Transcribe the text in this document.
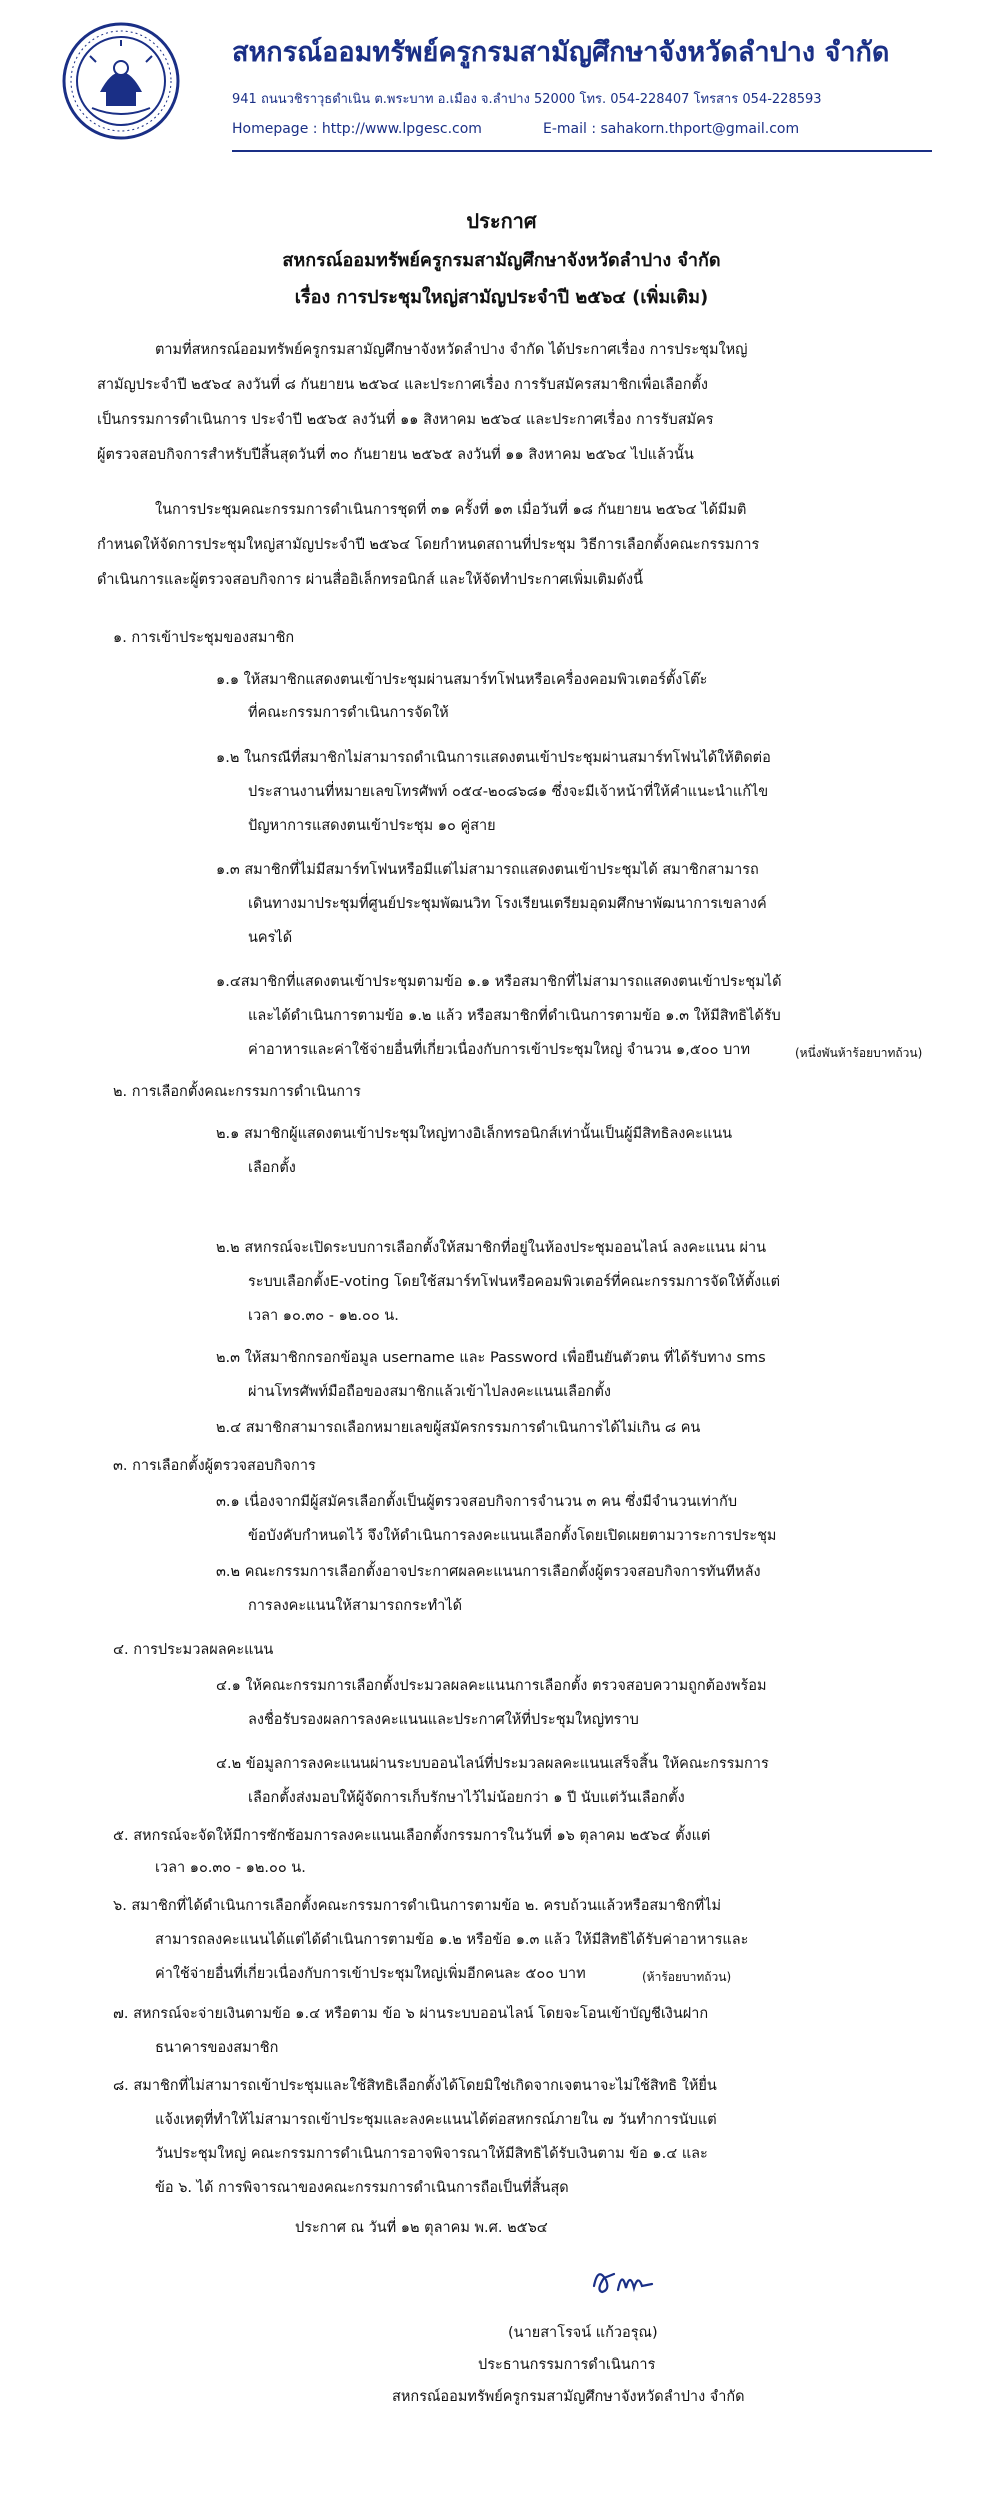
สหกรณ์ออมทรัพย์ครูกรมสามัญศึกษาจังหวัดลำปาง จำกัด
941 ถนนวชิราวุธดำเนิน ต.พระบาท อ.เมือง จ.ลำปาง 52000 โทร. 054-228407 โทรสาร 054-228593
Homepage : http://www.lpgesc.com	E-mail : sahakorn.thport@gmail.com
ประกาศ
สหกรณ์ออมทรัพย์ครูกรมสามัญศึกษาจังหวัดลำปาง จำกัด
เรื่อง การประชุมใหญ่สามัญประจำปี ๒๕๖๔ (เพิ่มเติม)
ตามที่สหกรณ์ออมทรัพย์ครูกรมสามัญศึกษาจังหวัดลำปาง จำกัด ได้ประกาศเรื่อง การประชุมใหญ่
สามัญประจำปี ๒๕๖๔ ลงวันที่ ๘ กันยายน ๒๕๖๔ และประกาศเรื่อง การรับสมัครสมาชิกเพื่อเลือกตั้ง
เป็นกรรมการดำเนินการ ประจำปี ๒๕๖๕ ลงวันที่ ๑๑ สิงหาคม ๒๕๖๔ และประกาศเรื่อง การรับสมัคร
ผู้ตรวจสอบกิจการสำหรับปีสิ้นสุดวันที่ ๓๐ กันยายน ๒๕๖๕ ลงวันที่ ๑๑ สิงหาคม ๒๕๖๔ ไปแล้วนั้น
ในการประชุมคณะกรรมการดำเนินการชุดที่ ๓๑ ครั้งที่ ๑๓ เมื่อวันที่ ๑๘ กันยายน ๒๕๖๔ ได้มีมติ
กำหนดให้จัดการประชุมใหญ่สามัญประจำปี ๒๕๖๔ โดยกำหนดสถานที่ประชุม วิธีการเลือกตั้งคณะกรรมการ
ดำเนินการและผู้ตรวจสอบกิจการ ผ่านสื่ออิเล็กทรอนิกส์ และให้จัดทำประกาศเพิ่มเติมดังนี้
๑. การเข้าประชุมของสมาชิก
๑.๑ ให้สมาชิกแสดงตนเข้าประชุมผ่านสมาร์ทโฟนหรือเครื่องคอมพิวเตอร์ตั้งโต๊ะ
ที่คณะกรรมการดำเนินการจัดให้
๑.๒ ในกรณีที่สมาชิกไม่สามารถดำเนินการแสดงตนเข้าประชุมผ่านสมาร์ทโฟนได้ให้ติดต่อ
ประสานงานที่หมายเลขโทรศัพท์ ๐๕๔-๒๐๘๖๘๑ ซึ่งจะมีเจ้าหน้าที่ให้คำแนะนำแก้ไข
ปัญหาการแสดงตนเข้าประชุม ๑๐ คู่สาย
๑.๓ สมาชิกที่ไม่มีสมาร์ทโฟนหรือมีแต่ไม่สามารถแสดงตนเข้าประชุมได้ สมาชิกสามารถ
เดินทางมาประชุมที่ศูนย์ประชุมพัฒนวิท โรงเรียนเตรียมอุดมศึกษาพัฒนาการเขลางค์
นครได้
๑.๔สมาชิกที่แสดงตนเข้าประชุมตามข้อ ๑.๑ หรือสมาชิกที่ไม่สามารถแสดงตนเข้าประชุมได้
และได้ดำเนินการตามข้อ ๑.๒ แล้ว หรือสมาชิกที่ดำเนินการตามข้อ ๑.๓ ให้มีสิทธิได้รับ
ค่าอาหารและค่าใช้จ่ายอื่นที่เกี่ยวเนื่องกับการเข้าประชุมใหญ่ จำนวน ๑,๕๐๐ บาท
๒. การเลือกตั้งคณะกรรมการดำเนินการ
๒.๑ สมาชิกผู้แสดงตนเข้าประชุมใหญ่ทางอิเล็กทรอนิกส์เท่านั้นเป็นผู้มีสิทธิลงคะแนน
เลือกตั้ง
๒.๒ สหกรณ์จะเปิดระบบการเลือกตั้งให้สมาชิกที่อยู่ในห้องประชุมออนไลน์ ลงคะแนน ผ่าน
ระบบเลือกตั้งE-voting โดยใช้สมาร์ทโฟนหรือคอมพิวเตอร์ที่คณะกรรมการจัดให้ตั้งแต่
เวลา ๑๐.๓๐ - ๑๒.๐๐ น.
๒.๓ ให้สมาชิกกรอกข้อมูล username และ Password เพื่อยืนยันตัวตน ที่ได้รับทาง sms
ผ่านโทรศัพท์มือถือของสมาชิกแล้วเข้าไปลงคะแนนเลือกตั้ง
๒.๔ สมาชิกสามารถเลือกหมายเลขผู้สมัครกรรมการดำเนินการได้ไม่เกิน ๘ คน
๓. การเลือกตั้งผู้ตรวจสอบกิจการ
๓.๑ เนื่องจากมีผู้สมัครเลือกตั้งเป็นผู้ตรวจสอบกิจการจำนวน ๓ คน ซึ่งมีจำนวนเท่ากับ
ข้อบังคับกำหนดไว้ จึงให้ดำเนินการลงคะแนนเลือกตั้งโดยเปิดเผยตามวาระการประชุม
๓.๒ คณะกรรมการเลือกตั้งอาจประกาศผลคะแนนการเลือกตั้งผู้ตรวจสอบกิจการทันทีหลัง
การลงคะแนนให้สามารถกระทำได้
๔. การประมวลผลคะแนน
๔.๑ ให้คณะกรรมการเลือกตั้งประมวลผลคะแนนการเลือกตั้ง ตรวจสอบความถูกต้องพร้อม
ลงชื่อรับรองผลการลงคะแนนและประกาศให้ที่ประชุมใหญ่ทราบ
๔.๒ ข้อมูลการลงคะแนนผ่านระบบออนไลน์ที่ประมวลผลคะแนนเสร็จสิ้น ให้คณะกรรมการ
เลือกตั้งส่งมอบให้ผู้จัดการเก็บรักษาไว้ไม่น้อยกว่า ๑ ปี นับแต่วันเลือกตั้ง
๕. สหกรณ์จะจัดให้มีการซักซ้อมการลงคะแนนเลือกตั้งกรรมการในวันที่ ๑๖ ตุลาคม ๒๕๖๔ ตั้งแต่
เวลา ๑๐.๓๐ - ๑๒.๐๐ น.
๖. สมาชิกที่ได้ดำเนินการเลือกตั้งคณะกรรมการดำเนินการตามข้อ ๒. ครบถ้วนแล้วหรือสมาชิกที่ไม่
สามารถลงคะแนนได้แต่ได้ดำเนินการตามข้อ ๑.๒ หรือข้อ ๑.๓ แล้ว ให้มีสิทธิได้รับค่าอาหารและ
ค่าใช้จ่ายอื่นที่เกี่ยวเนื่องกับการเข้าประชุมใหญ่เพิ่มอีกคนละ ๕๐๐ บาท
๗. สหกรณ์จะจ่ายเงินตามข้อ ๑.๔ หรือตาม ข้อ ๖ ผ่านระบบออนไลน์ โดยจะโอนเข้าบัญชีเงินฝาก
ธนาคารของสมาชิก
๘. สมาชิกที่ไม่สามารถเข้าประชุมและใช้สิทธิเลือกตั้งได้โดยมิใช่เกิดจากเจตนาจะไม่ใช้สิทธิ ให้ยื่น
แจ้งเหตุที่ทำให้ไม่สามารถเข้าประชุมและลงคะแนนได้ต่อสหกรณ์ภายใน ๗ วันทำการนับแต่
วันประชุมใหญ่ คณะกรรมการดำเนินการอาจพิจารณาให้มีสิทธิได้รับเงินตาม ข้อ ๑.๔ และ
ข้อ ๖. ได้ การพิจารณาของคณะกรรมการดำเนินการถือเป็นที่สิ้นสุด
(หนึ่งพันห้าร้อยบาทถ้วน)
(ห้าร้อยบาทถ้วน)
ประกาศ ณ วันที่ ๑๒ ตุลาคม พ.ศ. ๒๕๖๔
(นายสาโรจน์ แก้วอรุณ)
ประธานกรรมการดำเนินการ
สหกรณ์ออมทรัพย์ครูกรมสามัญศึกษาจังหวัดลำปาง จำกัด
